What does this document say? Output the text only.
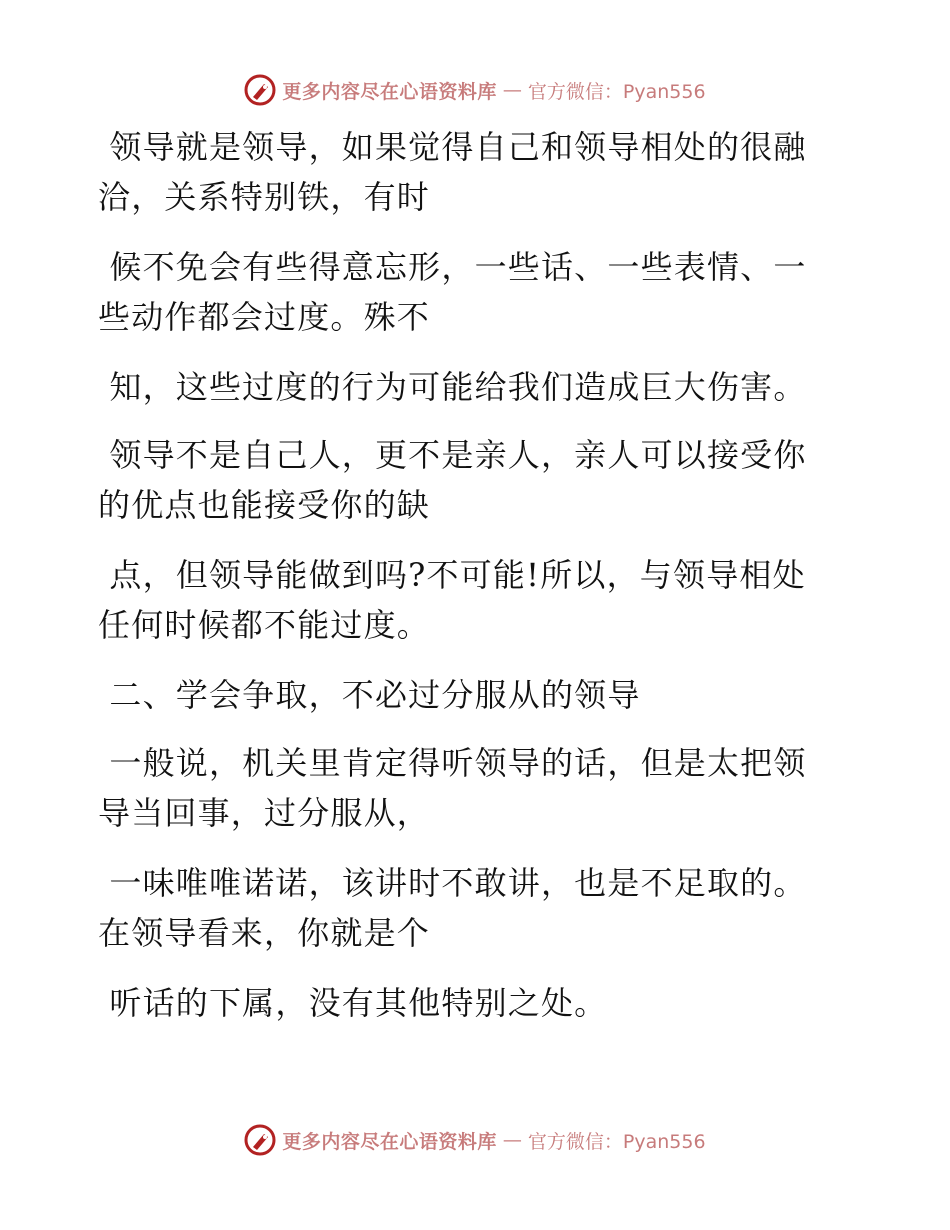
更多内容尽在心语资料库 — 官方微信：Pyan556

领导就是领导，如果觉得自己和领导相处的很融洽，关系特别铁，有时

候不免会有些得意忘形，一些话、一些表情、一些动作都会过度。殊不

知，这些过度的行为可能给我们造成巨大伤害。

领导不是自己人，更不是亲人，亲人可以接受你的优点也能接受你的缺

点，但领导能做到吗?不可能!所以，与领导相处任何时候都不能过度。

二、学会争取，不必过分服从的领导

一般说，机关里肯定得听领导的话，但是太把领导当回事，过分服从，

一味唯唯诺诺，该讲时不敢讲，也是不足取的。在领导看来，你就是个

听话的下属，没有其他特别之处。

更多内容尽在心语资料库 — 官方微信：Pyan556
